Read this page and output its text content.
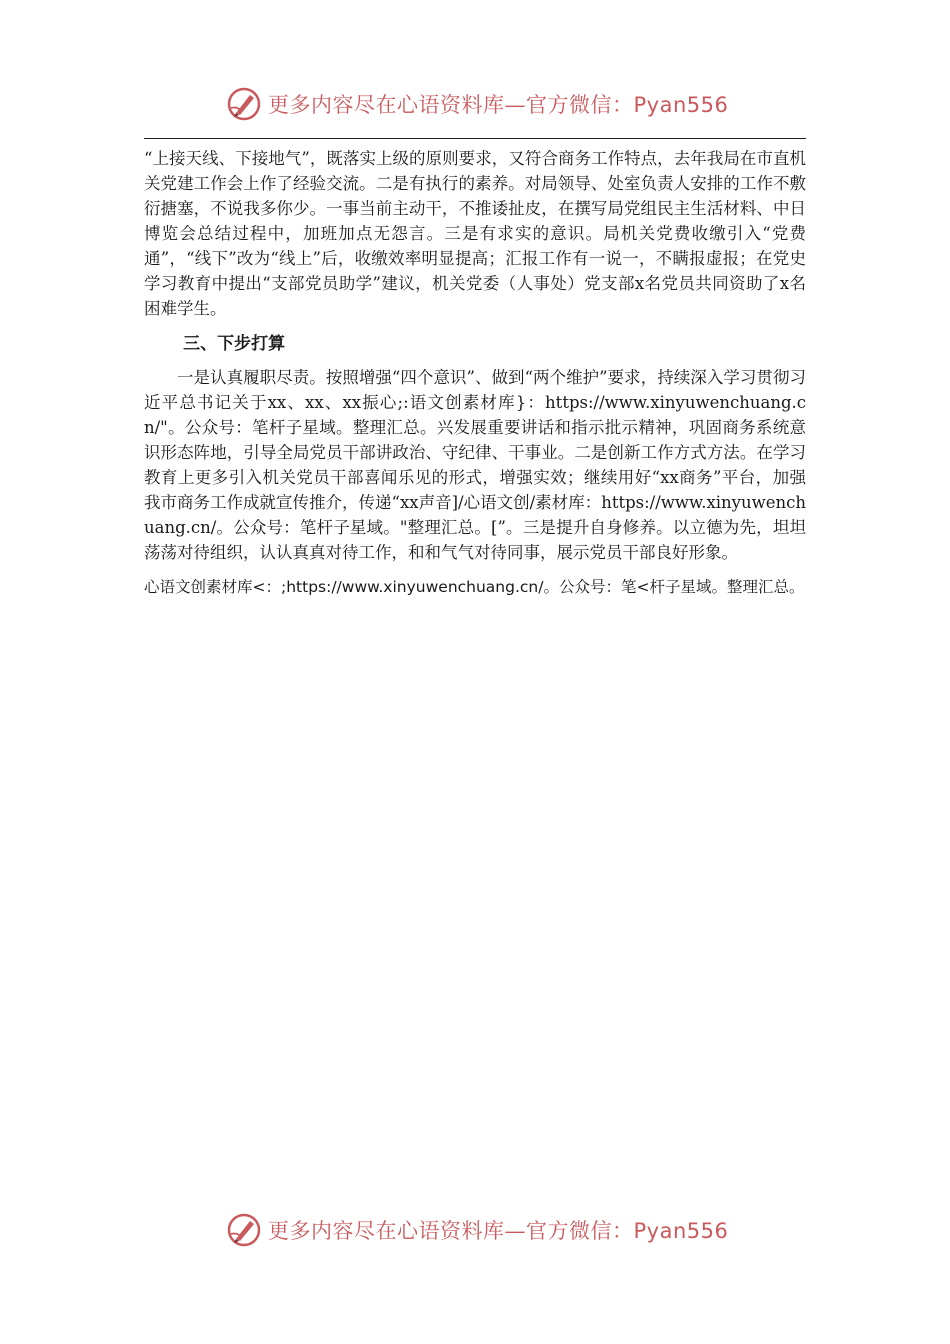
更多内容尽在心语资料库—官方微信：Pyan556

“上接天线、下接地气”，既落实上级的原则要求，又符合商务工作特点，去年我局在市直机关党建工作会上作了经验交流。二是有执行的素养。对局领导、处室负责人安排的工作不敷衍搪塞，不说我多你少。一事当前主动干，不推诿扯皮，在撰写局党组民主生活材料、中日博览会总结过程中，加班加点无怨言。三是有求实的意识。局机关党费收缴引入“党费通”，“线下”改为“线上”后，收缴效率明显提高；汇报工作有一说一，不瞒报虚报；在党史学习教育中提出“支部党员助学”建议，机关党委（人事处）党支部x名党员共同资助了x名困难学生。

三、下步打算

一是认真履职尽责。按照增强“四个意识”、做到“两个维护”要求，持续深入学习贯彻习近平总书记关于xx、xx、xx振心;:语文创素材库}：https://www.xinyuwenchuang.cn/"。公众号：笔杆子星域。整理汇总。兴发展重要讲话和指示批示精神，巩固商务系统意识形态阵地，引导全局党员干部讲政治、守纪律、干事业。二是创新工作方式方法。在学习教育上更多引入机关党员干部喜闻乐见的形式，增强实效；继续用好“xx商务”平台，加强我市商务工作成就宣传推介，传递“xx声音]/心语文创/素材库：https://www.xinyuwenchuang.cn/。公众号：笔杆子星域。"整理汇总。[”。三是提升自身修养。以立德为先，坦坦荡荡对待组织，认认真真对待工作，和和气气对待同事，展示党员干部良好形象。

心语文创素材库<：;https://www.xinyuwenchuang.cn/。公众号：笔<杆子星域。整理汇总。

更多内容尽在心语资料库—官方微信：Pyan556
